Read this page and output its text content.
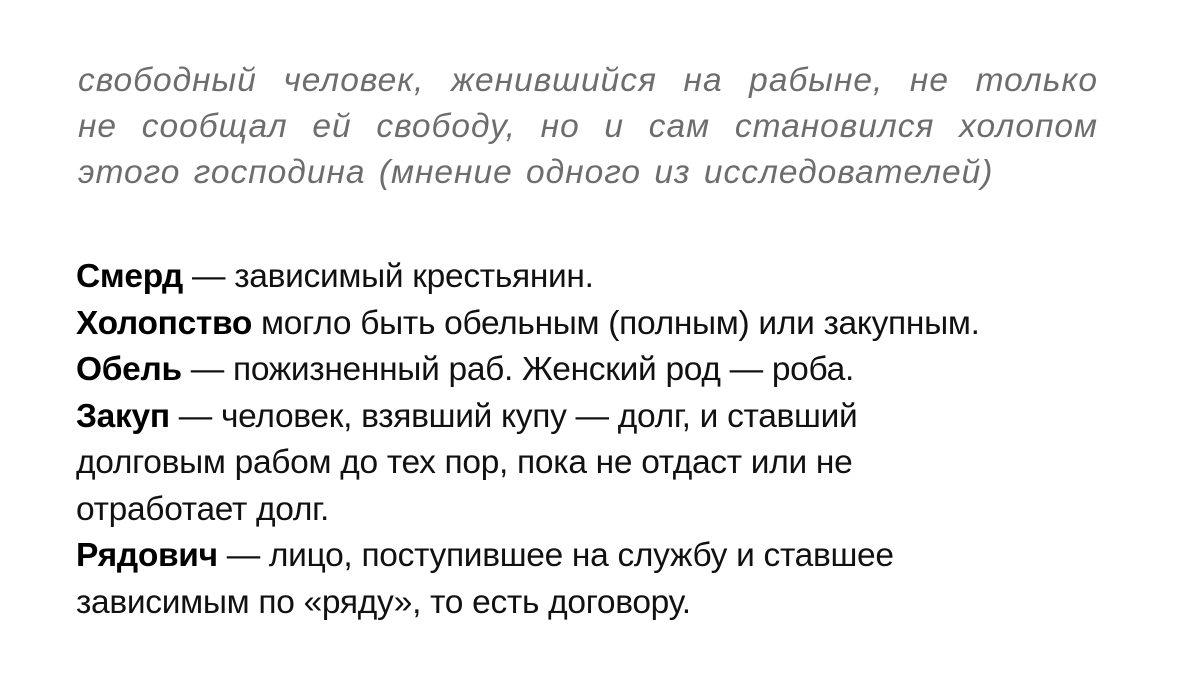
свободный человек, женившийся на рабыне, не только
не сообщал ей свободу, но и сам становился холопом
этого господина (мнение одного из исследователей)
Смерд — зависимый крестьянин.
Холопство могло быть обельным (полным) или закупным.
Обель — пожизненный раб. Женский род — роба.
Закуп — человек, взявший купу — долг, и ставший
долговым рабом до тех пор, пока не отдаст или не
отработает долг.
Рядович — лицо, поступившее на службу и ставшее
зависимым по «ряду», то есть договору.
